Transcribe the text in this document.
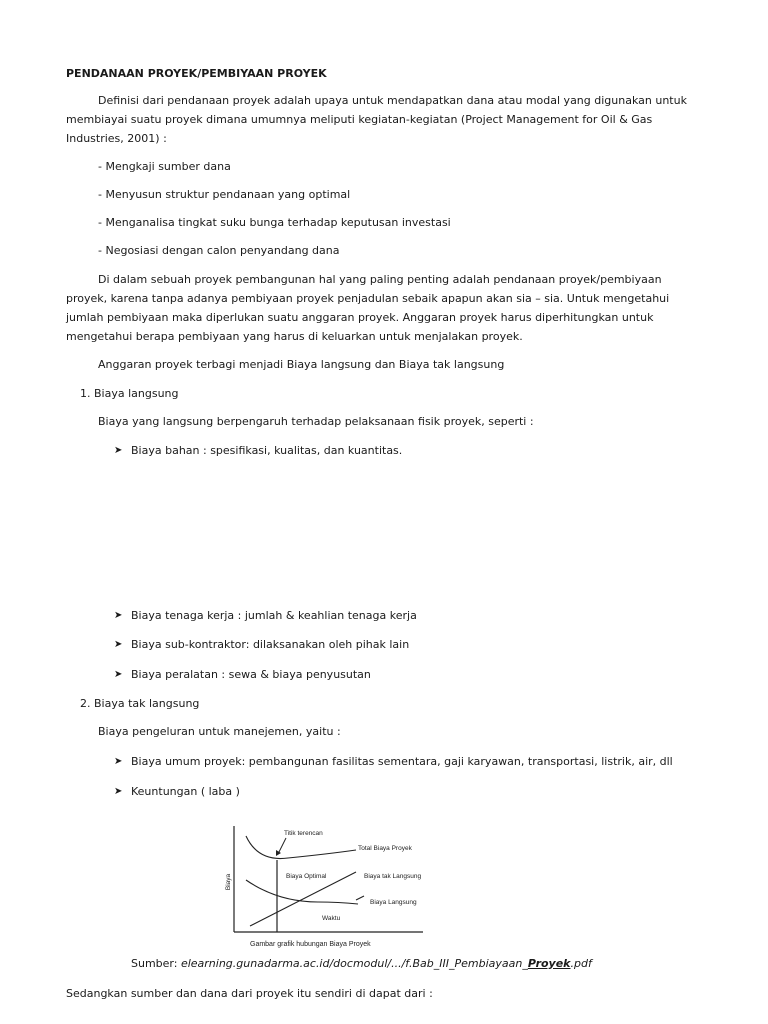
PENDANAAN PROYEK/PEMBIYAAN PROYEK
Definisi dari pendanaan proyek adalah upaya untuk mendapatkan dana atau modal yang digunakan untuk membiayai suatu proyek dimana umumnya meliputi kegiatan-kegiatan (Project Management for Oil & Gas Industries, 2001) :
- Mengkaji sumber dana
- Menyusun struktur pendanaan yang optimal
- Menganalisa tingkat suku bunga terhadap keputusan investasi
- Negosiasi dengan calon penyandang dana
Di dalam sebuah proyek pembangunan hal yang paling penting adalah pendanaan proyek/pembiyaan proyek, karena tanpa adanya pembiyaan proyek penjadulan sebaik apapun akan sia – sia. Untuk mengetahui jumlah pembiyaan maka diperlukan suatu anggaran proyek. Anggaran proyek harus diperhitungkan untuk mengetahui berapa pembiyaan yang harus di keluarkan untuk menjalakan proyek.
Anggaran proyek terbagi menjadi Biaya langsung dan Biaya tak langsung
1. Biaya langsung
Biaya yang langsung berpengaruh terhadap pelaksanaan fisik proyek, seperti :
➤ Biaya bahan : spesifikasi, kualitas, dan kuantitas.
➤ Biaya tenaga kerja : jumlah & keahlian tenaga kerja
➤ Biaya sub-kontraktor: dilaksanakan oleh pihak lain
➤ Biaya peralatan : sewa & biaya penyusutan
2. Biaya tak langsung
Biaya pengeluran untuk manejemen, yaitu :
➤ Biaya umum proyek: pembangunan fasilitas sementara, gaji karyawan, transportasi, listrik, air, dll
➤ Keuntungan ( laba )
Biaya
Titik terencan
Total Biaya Proyek
Biaya Optimal	Biaya tak Langsung
Biaya Langsung
Waktu
Gambar grafik hubungan Biaya Proyek
Sumber: elearning.gunadarma.ac.id/docmodul/.../f.Bab_III_Pembiayaan_Proyek.pdf
Sedangkan sumber dan dana dari proyek itu sendiri di dapat dari :
